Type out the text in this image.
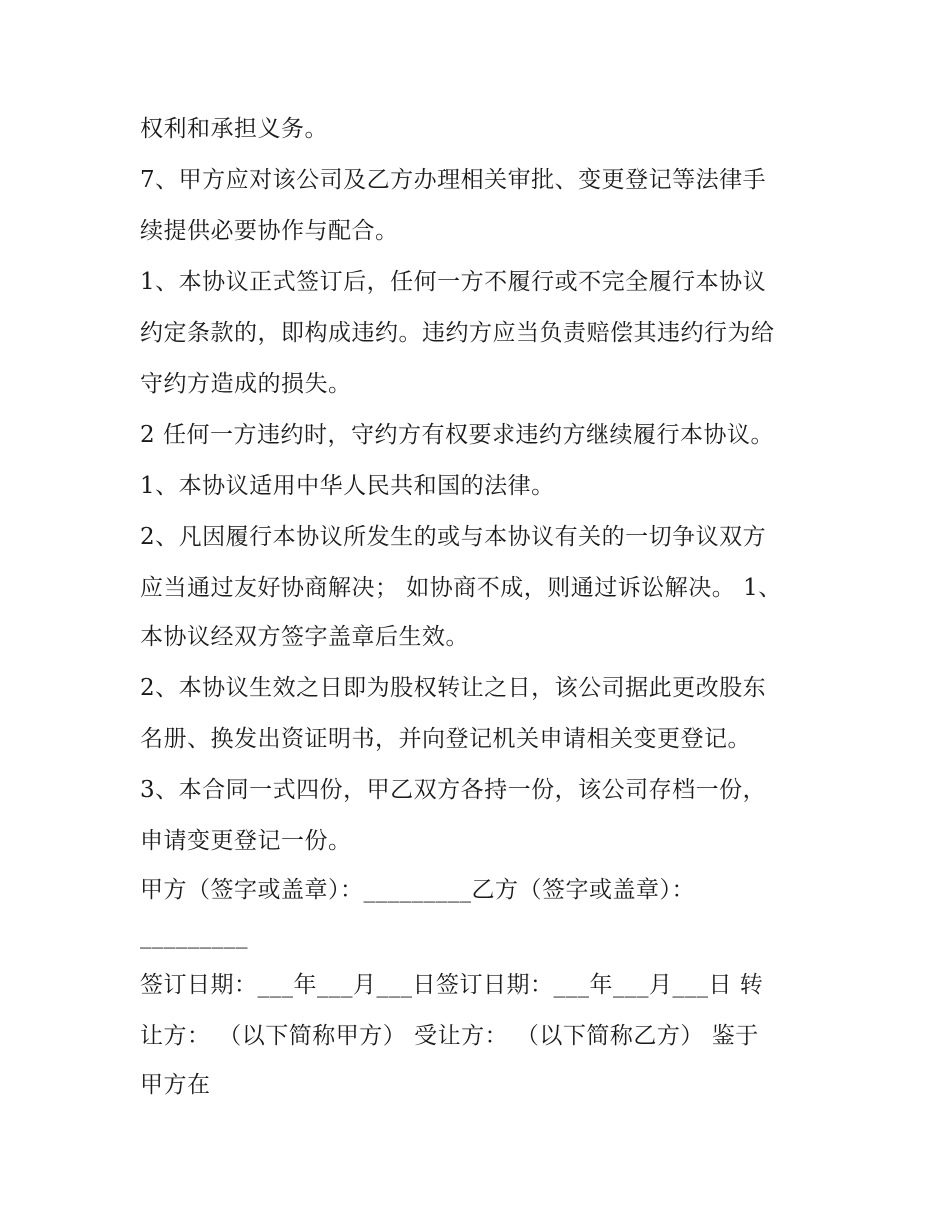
权利和承担义务。
7、甲方应对该公司及乙方办理相关审批、变更登记等法律手
续提供必要协作与配合。
1、本协议正式签订后，任何一方不履行或不完全履行本协议
约定条款的，即构成违约。违约方应当负责赔偿其违约行为给
守约方造成的损失。
2 任何一方违约时，守约方有权要求违约方继续履行本协议。
1、本协议适用中华人民共和国的法律。
2、凡因履行本协议所发生的或与本协议有关的一切争议双方
应当通过友好协商解决； 如协商不成，则通过诉讼解决。 1、
本协议经双方签字盖章后生效。
2、本协议生效之日即为股权转让之日，该公司据此更改股东
名册、换发出资证明书，并向登记机关申请相关变更登记。
3、本合同一式四份，甲乙双方各持一份，该公司存档一份，
申请变更登记一份。
甲方（签字或盖章）：_________乙方（签字或盖章）：
_________
签订日期：___年___月___日签订日期：___年___月___日 转
让方： （以下简称甲方） 受让方： （以下简称乙方） 鉴于
甲方在
